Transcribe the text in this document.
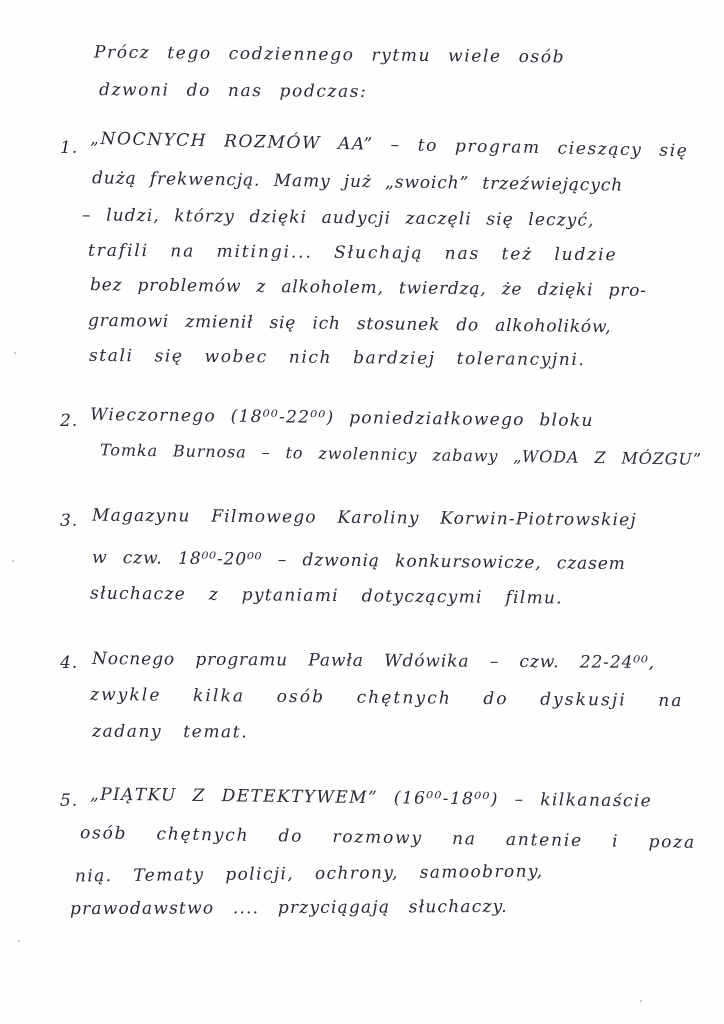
Prócz tego codziennego rytmu wiele osób
dzwoni do nas podczas:
1. „NOCNYCH ROZMÓW AA” – to program cieszący się
dużą frekwencją. Mamy już „swoich” trzeźwiejących
– ludzi, którzy dzięki audycji zaczęli się leczyć,
trafili na mitingi... Słuchają nas też ludzie
bez problemów z alkoholem, twierdzą, że dzięki pro-
gramowi zmienił się ich stosunek do alkoholików,
stali się wobec nich bardziej tolerancyjni.
2. Wieczornego (18⁰⁰-22⁰⁰) poniedziałkowego bloku
Tomka Burnosa – to zwolennicy zabawy „WODA Z MÓZGU”
3. Magazynu Filmowego Karoliny Korwin-Piotrowskiej
w czw. 18⁰⁰-20⁰⁰ – dzwonią konkursowicze, czasem
słuchacze z pytaniami dotyczącymi filmu.
4. Nocnego programu Pawła Wdówika – czw. 22-24⁰⁰,
zwykle kilka osób chętnych do dyskusji na
zadany temat.
5. „PIĄTKU Z DETEKTYWEM” (16⁰⁰-18⁰⁰) – kilkanaście
osób chętnych do rozmowy na antenie i poza
nią. Tematy policji, ochrony, samoobrony,
prawodawstwo .... przyciągają słuchaczy.
